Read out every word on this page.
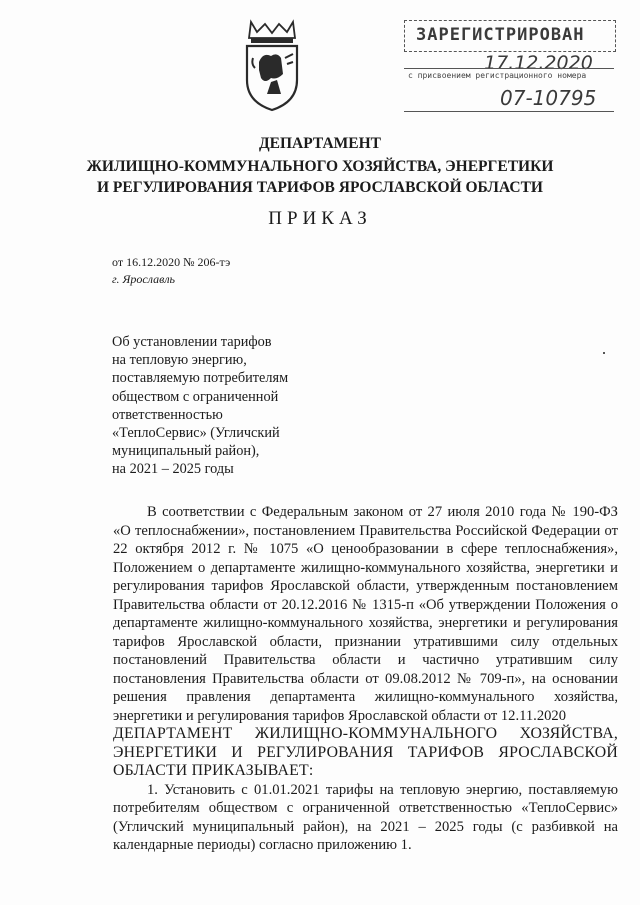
ЗАРЕГИСТРИРОВАН
17.12.2020
с присвоением регистрационного номера
07-10795
ДЕПАРТАМЕНТ
ЖИЛИЩНО-КОММУНАЛЬНОГО ХОЗЯЙСТВА, ЭНЕРГЕТИКИ
И РЕГУЛИРОВАНИЯ ТАРИФОВ ЯРОСЛАВСКОЙ ОБЛАСТИ
ПРИКАЗ
от 16.12.2020 № 206-тэ
г. Ярославль
Об установлении тарифов
на тепловую энергию,
поставляемую потребителям
обществом с ограниченной
ответственностью
«ТеплоСервис» (Угличский
муниципальный район),
на 2021 – 2025 годы

В соответствии с Федеральным законом от 27 июля 2010 года № 190-ФЗ «О теплоснабжении», постановлением Правительства Российской Федерации от 22 октября 2012 г. № 1075 «О ценообразовании в сфере теплоснабжения», Положением о департаменте жилищно-коммунального хозяйства, энергетики и регулирования тарифов Ярославской области, утвержденным постановлением Правительства области от 20.12.2016 № 1315-п «Об утверждении Положения о департаменте жилищно-коммунального хозяйства, энергетики и регулирования тарифов Ярославской области, признании утратившими силу отдельных постановлений Правительства области и частично утратившим силу постановления Правительства области от 09.08.2012 № 709-п», на основании решения правления департамента жилищно-коммунального хозяйства, энергетики и регулирования тарифов Ярославской области от 12.11.2020

ДЕПАРТАМЕНТ ЖИЛИЩНО-КОММУНАЛЬНОГО ХОЗЯЙСТВА, ЭНЕРГЕТИКИ И РЕГУЛИРОВАНИЯ ТАРИФОВ ЯРОСЛАВСКОЙ ОБЛАСТИ ПРИКАЗЫВАЕТ:

1. Установить с 01.01.2021 тарифы на тепловую энергию, поставляемую потребителям обществом с ограниченной ответственностью «ТеплоСервис» (Угличский муниципальный район), на 2021 – 2025 годы (с разбивкой на календарные периоды) согласно приложению 1.
